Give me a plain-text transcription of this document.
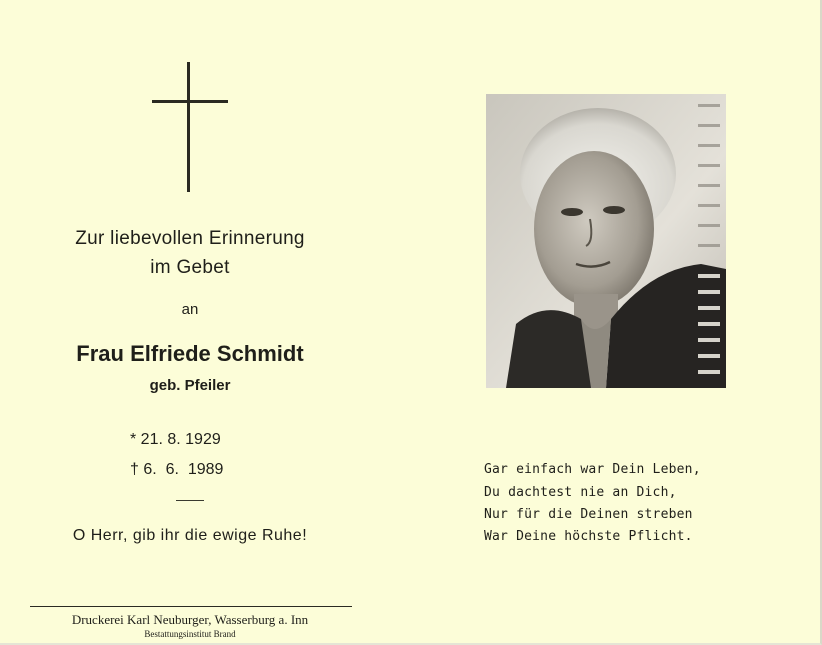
Zur liebevollen Erinnerung
im Gebet
an
Frau Elfriede Schmidt
geb. Pfeiler
* 21. 8. 1929
† 6.  6.  1989
O Herr, gib ihr die ewige Ruhe!
Gar einfach war Dein Leben,
Du dachtest nie an Dich,
Nur für die Deinen streben
War Deine höchste Pflicht.
Druckerei Karl Neuburger, Wasserburg a. Inn
Bestattungsinstitut Brand
